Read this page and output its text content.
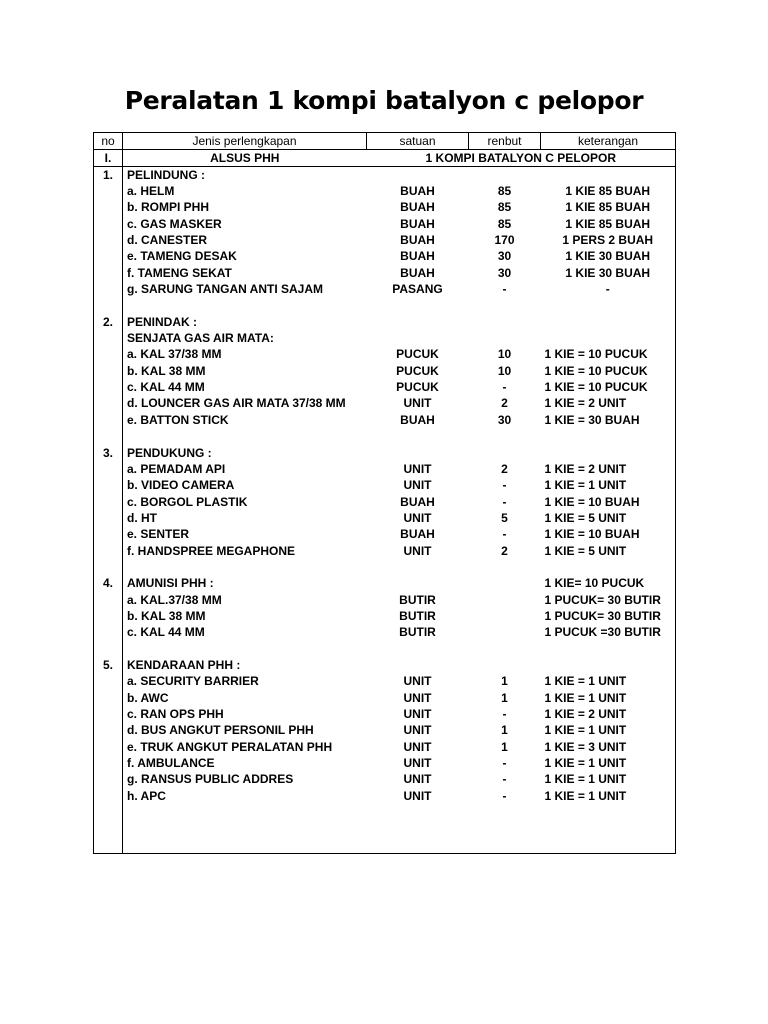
Peralatan 1 kompi batalyon c pelopor
no	Jenis perlengkapan	satuan	renbut	keterangan
I.	ALSUS PHH	1 KOMPI BATALYON C PELOPOR		
1.	PELINDUNG :			
	a. HELM	BUAH	85	1 KIE 85 BUAH
	b. ROMPI PHH	BUAH	85	1 KIE 85 BUAH
	c. GAS MASKER	BUAH	85	1 KIE 85 BUAH
	d. CANESTER	BUAH	170	1 PERS 2 BUAH
	e. TAMENG DESAK	BUAH	30	1 KIE 30 BUAH
	f. TAMENG SEKAT	BUAH	30	1 KIE 30 BUAH
	g. SARUNG TANGAN ANTI SAJAM	PASANG	-	-

2.	PENINDAK :			
	SENJATA GAS AIR MATA:			
	a. KAL 37/38 MM	PUCUK	10	1 KIE = 10 PUCUK
	b. KAL 38 MM	PUCUK	10	1 KIE = 10 PUCUK
	c. KAL 44 MM	PUCUK	-	1 KIE = 10 PUCUK
	d. LOUNCER GAS AIR MATA 37/38 MM	UNIT	2	1 KIE = 2 UNIT
	e. BATTON STICK	BUAH	30	1 KIE = 30 BUAH

3.	PENDUKUNG :			
	a. PEMADAM API	UNIT	2	1 KIE = 2 UNIT
	b. VIDEO CAMERA	UNIT	-	1 KIE = 1 UNIT
	c. BORGOL PLASTIK	BUAH	-	1 KIE = 10 BUAH
	d. HT	UNIT	5	1 KIE = 5 UNIT
	e. SENTER	BUAH	-	1 KIE = 10 BUAH
	f. HANDSPREE MEGAPHONE	UNIT	2	1 KIE = 5 UNIT

4.	AMUNISI PHH :			1 KIE= 10 PUCUK
	a. KAL.37/38 MM	BUTIR		1 PUCUK= 30 BUTIR
	b. KAL 38 MM	BUTIR		1 PUCUK= 30 BUTIR
	c. KAL 44 MM	BUTIR		1 PUCUK =30 BUTIR

5.	KENDARAAN PHH :			
	a. SECURITY BARRIER	UNIT	1	1 KIE = 1 UNIT
	b. AWC	UNIT	1	1 KIE = 1 UNIT
	c. RAN OPS PHH	UNIT	-	1 KIE = 2 UNIT
	d. BUS ANGKUT PERSONIL PHH	UNIT	1	1 KIE = 1 UNIT
	e. TRUK ANGKUT PERALATAN PHH	UNIT	1	1 KIE = 3 UNIT
	f. AMBULANCE	UNIT	-	1 KIE = 1 UNIT
	g. RANSUS PUBLIC ADDRES	UNIT	-	1 KIE = 1 UNIT
	h. APC	UNIT	-	1 KIE = 1 UNIT
